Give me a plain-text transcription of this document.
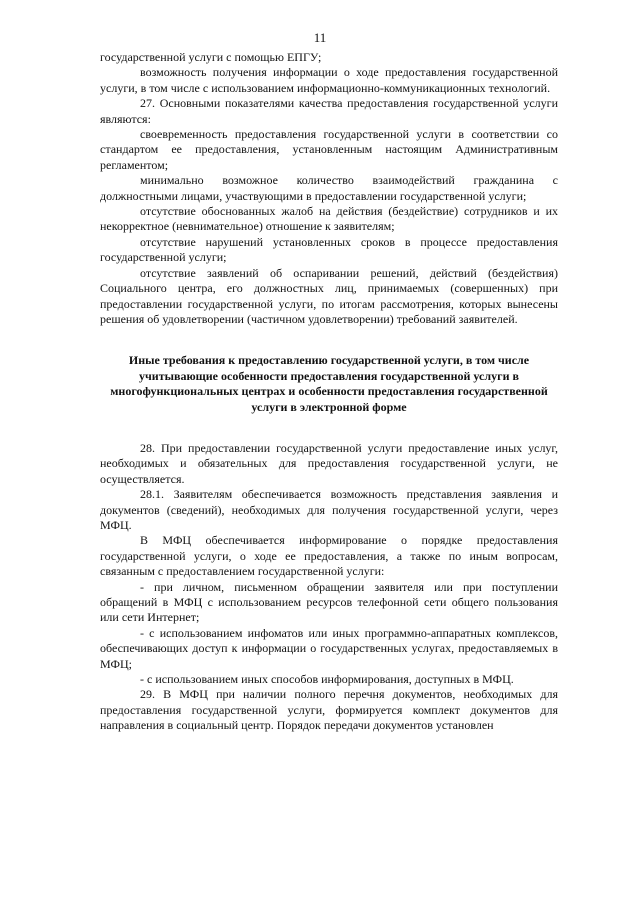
11

государственной услуги с помощью ЕПГУ;

возможность получения информации о ходе предоставления государственной услуги, в том числе с использованием информационно-коммуникационных технологий.

27. Основными показателями качества предоставления государственной услуги являются:

своевременность предоставления государственной услуги в соответствии со стандартом ее предоставления, установленным настоящим Административным регламентом;

минимально возможное количество взаимодействий гражданина с должностными лицами, участвующими в предоставлении государственной услуги;

отсутствие обоснованных жалоб на действия (бездействие) сотрудников и их некорректное (невнимательное) отношение к заявителям;

отсутствие нарушений установленных сроков в процессе предоставления государственной услуги;

отсутствие заявлений об оспаривании решений, действий (бездействия) Социального центра, его должностных лиц, принимаемых (совершенных) при предоставлении государственной услуги, по итогам рассмотрения, которых вынесены решения об удовлетворении (частичном удовлетворении) требований заявителей.

Иные требования к предоставлению государственной услуги, в том числе учитывающие особенности предоставления государственной услуги в многофункциональных центрах и особенности предоставления государственной услуги в электронной форме

28. При предоставлении государственной услуги предоставление иных услуг, необходимых и обязательных для предоставления государственной услуги, не осуществляется.

28.1. Заявителям обеспечивается возможность представления заявления и документов (сведений), необходимых для получения государственной услуги, через МФЦ.

В МФЦ обеспечивается информирование о порядке предоставления государственной услуги, о ходе ее предоставления, а также по иным вопросам, связанным с предоставлением государственной услуги:

- при личном, письменном обращении заявителя или при поступлении обращений в МФЦ с использованием ресурсов телефонной сети общего пользования или сети Интернет;

- с использованием инфоматов или иных программно-аппаратных комплексов, обеспечивающих доступ к информации о государственных услугах, предоставляемых в МФЦ;

- с использованием иных способов информирования, доступных в МФЦ.

29. В МФЦ при наличии полного перечня документов, необходимых для предоставления государственной услуги, формируется комплект документов для направления в социальный центр. Порядок передачи документов установлен
